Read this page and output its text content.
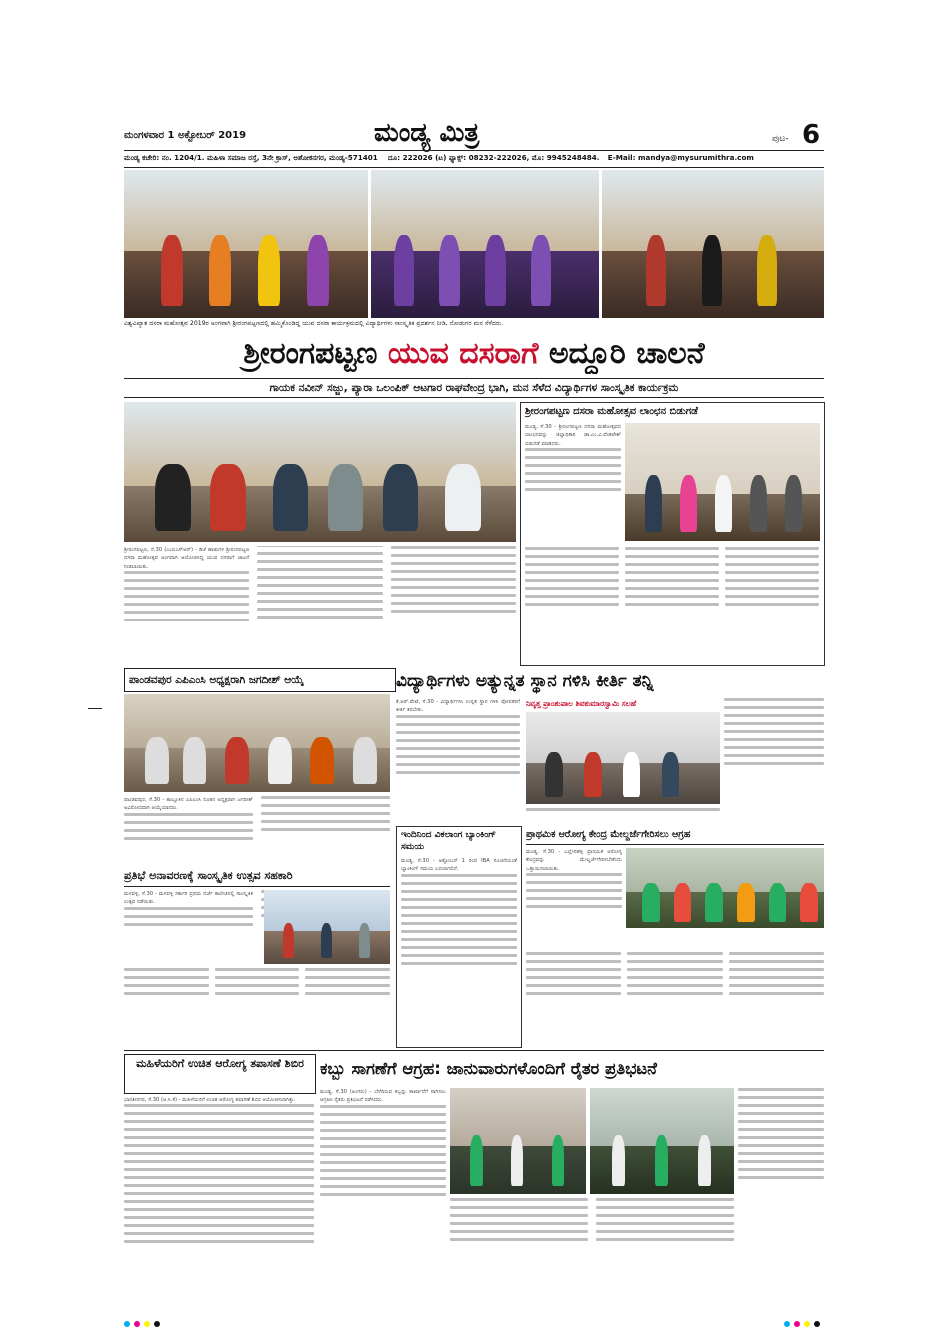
ಮಂಗಳವಾರ 1 ಅಕ್ಟೋಬರ್ 2019	ಮಂಡ್ಯ ಮಿತ್ರ	ಪುಟ- 6
ಮಂಡ್ಯ ಕಚೇರಿ: ನಂ. 1204/1. ಮಹಿಳಾ ಸಮಾಜ ರಸ್ತೆ, 3ನೇ ಕ್ರಾಸ್, ಅಶೋಕನಗರ, ಮಂಡ್ಯ-571401 ದೂ: 222026 (ಟ) ಫ್ಯಾಕ್ಸ್: 08232-222026, ಮೊ: 9945248484. E-Mail: mandya@mysurumithra.com
ವಿಶ್ವವಿಖ್ಯಾತ ದಸರಾ ಮಹೋತ್ಸವ 2019ರ ಅಂಗವಾಗಿ ಶ್ರೀರಂಗಪಟ್ಟಣದಲ್ಲಿ ಹಮ್ಮಿಕೊಂಡಿದ್ದ ಯುವ ದಸರಾ ಕಾರ್ಯಕ್ರಮದಲ್ಲಿ ವಿದ್ಯಾರ್ಥಿಗಳು ಸಾಂಸ್ಕೃತಿಕ ಪ್ರದರ್ಶನ ನೀಡಿ, ನೋಡುಗರ ಮನ ಸೆಳೆದರು.
ಶ್ರೀರಂಗಪಟ್ಟಣ ಯುವ ದಸರಾಗೆ ಅದ್ದೂರಿ ಚಾಲನೆ
ಗಾಯಕ ನವೀನ್ ಸಜ್ಜು, ಪ್ಯಾರಾ ಒಲಂಪಿಕ್ ಆಟಗಾರ ರಾಘವೇಂದ್ರ ಭಾಗಿ, ಮನ ಸೆಳೆದ ವಿದ್ಯಾರ್ಥಿಗಳ ಸಾಂಸ್ಕೃತಿಕ ಕಾರ್ಯಕ್ರಮ
ಶ್ರೀರಂಗಪಟ್ಟಣ, ಸೆ.30 (ಎಂಬಿಎಸ್‌ಆರ್) - ಡಿಜೆ ಹಾಡುಗಳ ಶ್ರೀರಂಗಪಟ್ಟಣ ದಸರಾ ಮಹೋತ್ಸವ ಅಂಗವಾಗಿ ಆಯೋಜಿಸಿದ್ದ ಯುವ ದಸರಾಗೆ ಚಾಲನೆ ನೀಡಲಾಯಿತು.
ಶ್ರೀರಂಗಪಟ್ಟಣ ದಸರಾ ಮಹೋತ್ಸವ ಲಾಂಛನ ಬಿಡುಗಡೆ
ಮಂಡ್ಯ, ಸೆ.30 - ಶ್ರೀರಂಗಪಟ್ಟಣ ದಸರಾ ಮಹೋತ್ಸವದ ಲಾಂಛನವನ್ನು ಜಿಲ್ಲಾಧಿಕಾರಿ ಡಾ.ಎಂ.ವಿ.ವೆಂಕಟೇಶ್ ಬಿಡುಗಡೆ ಮಾಡಿದರು.
ಪಾಂಡವಪುರ ಎಪಿಎಂಸಿ ಅಧ್ಯಕ್ಷರಾಗಿ ಜಗದೀಶ್ ಆಯ್ಕೆ	ವಿದ್ಯಾರ್ಥಿಗಳು ಅತ್ಯುನ್ನತ ಸ್ಥಾನ ಗಳಿಸಿ ಕೀರ್ತಿ ತನ್ನಿ
ಪಾಂಡವಪುರ, ಸೆ.30 - ತಾಲ್ಲೂಕಿನ ಎಪಿಎಂಸಿ ನೂತನ ಅಧ್ಯಕ್ಷರಾಗಿ ಜಗದೀಶ್ ಅವಿರೋಧವಾಗಿ ಆಯ್ಕೆಯಾದರು.
ಕೆ.ಆರ್.ಪೇಟೆ, ಸೆ.30 - ವಿದ್ಯಾರ್ಥಿಗಳು ಉನ್ನತ ಸ್ಥಾನ ಗಳಿಸಿ ಪೋಷಕರಿಗೆ ಕೀರ್ತಿ ತರಬೇಕು.
ನಿವೃತ್ತ ಪ್ರಾಂಶುಪಾಲ ಶಿವಕುಮಾರಸ್ವಾಮಿ ಸಲಹೆ
ಇಂದಿನಿಂದ ವಿಕಲಾಂಗ ಬ್ಯಾಂಕಿಂಗ್ ಸಮಯ
ಮಂಡ್ಯ, ಸೆ.30 - ಅಕ್ಟೋಬರ್ 1 ರಿಂದ IBA ಸೂಚನೆಯಂತೆ ಬ್ಯಾಂಕಿಂಗ್ ಸಮಯ ಬದಲಾಗಲಿದೆ.
ಪ್ರಾಥಮಿಕ ಆರೋಗ್ಯ ಕೇಂದ್ರ ಮೇಲ್ದರ್ಜೆಗೇರಿಸಲು ಆಗ್ರಹ
ಮಂಡ್ಯ, ಸೆ.30 - ಬಲ್ಲೇನಹಳ್ಳಿ ಪ್ರಾಥಮಿಕ ಆರೋಗ್ಯ ಕೇಂದ್ರವನ್ನು ಮೇಲ್ದರ್ಜೆಗೇರಿಸಬೇಕೆಂದು ಒತ್ತಾಯಿಸಲಾಯಿತು.
ಪ್ರತಿಭೆ ಅನಾವರಣಕ್ಕೆ ಸಾಂಸ್ಕೃತಿಕ ಉತ್ಸವ ಸಹಕಾರಿ
ಮಳವಳ್ಳಿ, ಸೆ.30 - ಮಳವಳ್ಳಿ ಸರ್ಕಾರಿ ಪ್ರಥಮ ದರ್ಜೆ ಕಾಲೇಜಿನಲ್ಲಿ ಸಾಂಸ್ಕೃತಿಕ ಉತ್ಸವ ನಡೆಯಿತು.
ಮಹಿಳೆಯರಿಗೆ ಉಚಿತ ಆರೋಗ್ಯ ತಪಾಸಣೆ ಶಿಬಿರ
ಭಾರತೀನಗರ, ಸೆ.30 (ಅ.ಸಿ.ಕೆ) - ಮಹಿಳೆಯರಿಗೆ ಉಚಿತ ಆರೋಗ್ಯ ತಪಾಸಣೆ ಶಿಬಿರ ಆಯೋಜಿಸಲಾಗಿತ್ತು.
ಕಬ್ಬು ಸಾಗಣೆಗೆ ಆಗ್ರಹ: ಜಾನುವಾರುಗಳೊಂದಿಗೆ ರೈತರ ಪ್ರತಿಭಟನೆ
ಮಂಡ್ಯ, ಸೆ.30 (ಅಂಗರು) - ಬೆಳೆದಿರುವ ಕಬ್ಬನ್ನು ಕಾರ್ಖಾನೆಗೆ ಸಾಗಿಸಲು ಆಗ್ರಹಿಸಿ ರೈತರು ಪ್ರತಿಭಟನೆ ನಡೆಸಿದರು.
